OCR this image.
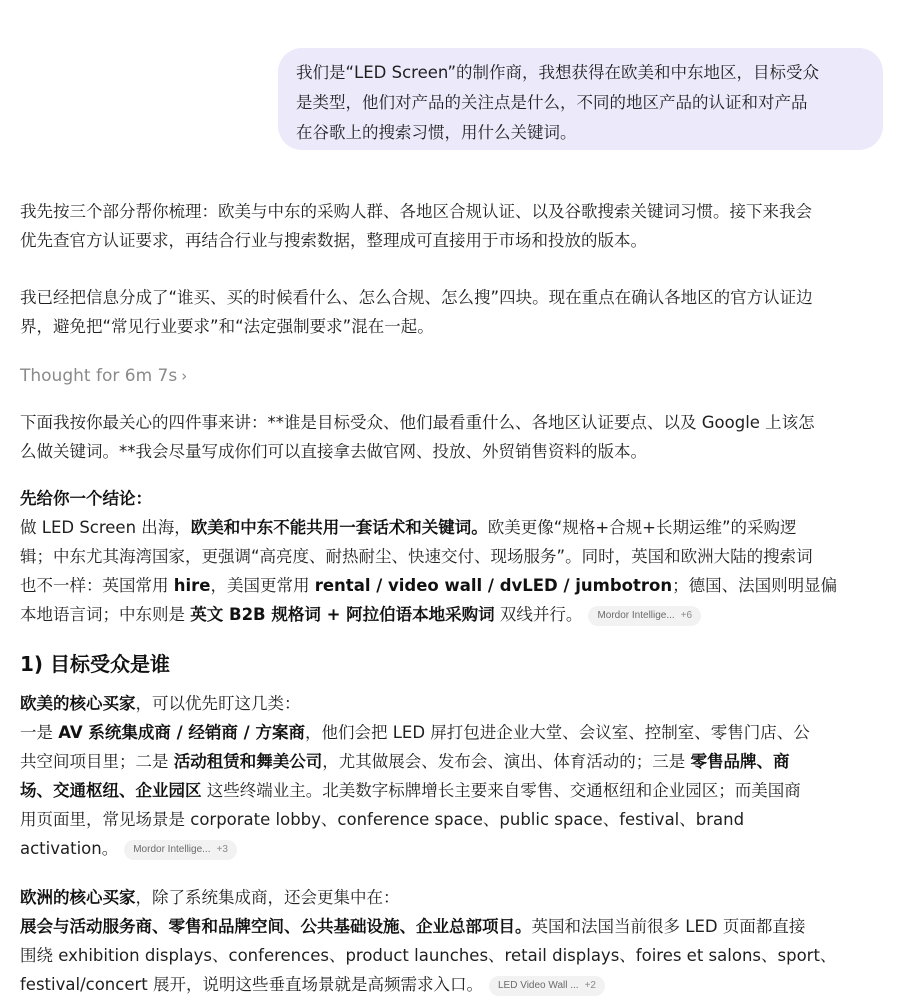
我们是“LED Screen”的制作商，我想获得在欧美和中东地区，目标受众
是类型，他们对产品的关注点是什么，不同的地区产品的认证和对产品
在谷歌上的搜索习惯，用什么关键词。
我先按三个部分帮你梳理：欧美与中东的采购人群、各地区合规认证、以及谷歌搜索关键词习惯。接下来我会
优先查官方认证要求，再结合行业与搜索数据，整理成可直接用于市场和投放的版本。
我已经把信息分成了“谁买、买的时候看什么、怎么合规、怎么搜”四块。现在重点在确认各地区的官方认证边
界，避免把“常见行业要求”和“法定强制要求”混在一起。
Thought for 6m 7s ›
下面我按你最关心的四件事来讲：**谁是目标受众、他们最看重什么、各地区认证要点、以及 Google 上该怎
么做关键词。**我会尽量写成你们可以直接拿去做官网、投放、外贸销售资料的版本。
先给你一个结论：
做 LED Screen 出海，欧美和中东不能共用一套话术和关键词。欧美更像“规格+合规+长期运维”的采购逻
辑；中东尤其海湾国家，更强调“高亮度、耐热耐尘、快速交付、现场服务”。同时，英国和欧洲大陆的搜索词
也不一样：英国常用 hire，美国更常用 rental / video wall / dvLED / jumbotron；德国、法国则明显偏
本地语言词；中东则是 英文 B2B 规格词 + 阿拉伯语本地采购词 双线并行。 Mordor Intellige... +6
1) 目标受众是谁
欧美的核心买家，可以优先盯这几类：
一是 AV 系统集成商 / 经销商 / 方案商，他们会把 LED 屏打包进企业大堂、会议室、控制室、零售门店、公
共空间项目里；二是 活动租赁和舞美公司，尤其做展会、发布会、演出、体育活动的；三是 零售品牌、商
场、交通枢纽、企业园区 这些终端业主。北美数字标牌增长主要来自零售、交通枢纽和企业园区；而美国商
用页面里，常见场景是 corporate lobby、conference space、public space、festival、brand
activation。 Mordor Intellige... +3
欧洲的核心买家，除了系统集成商，还会更集中在：
展会与活动服务商、零售和品牌空间、公共基础设施、企业总部项目。英国和法国当前很多 LED 页面都直接
围绕 exhibition displays、conferences、product launches、retail displays、foires et salons、sport、
festival/concert 展开，说明这些垂直场景就是高频需求入口。 LED Video Wall ... +2
